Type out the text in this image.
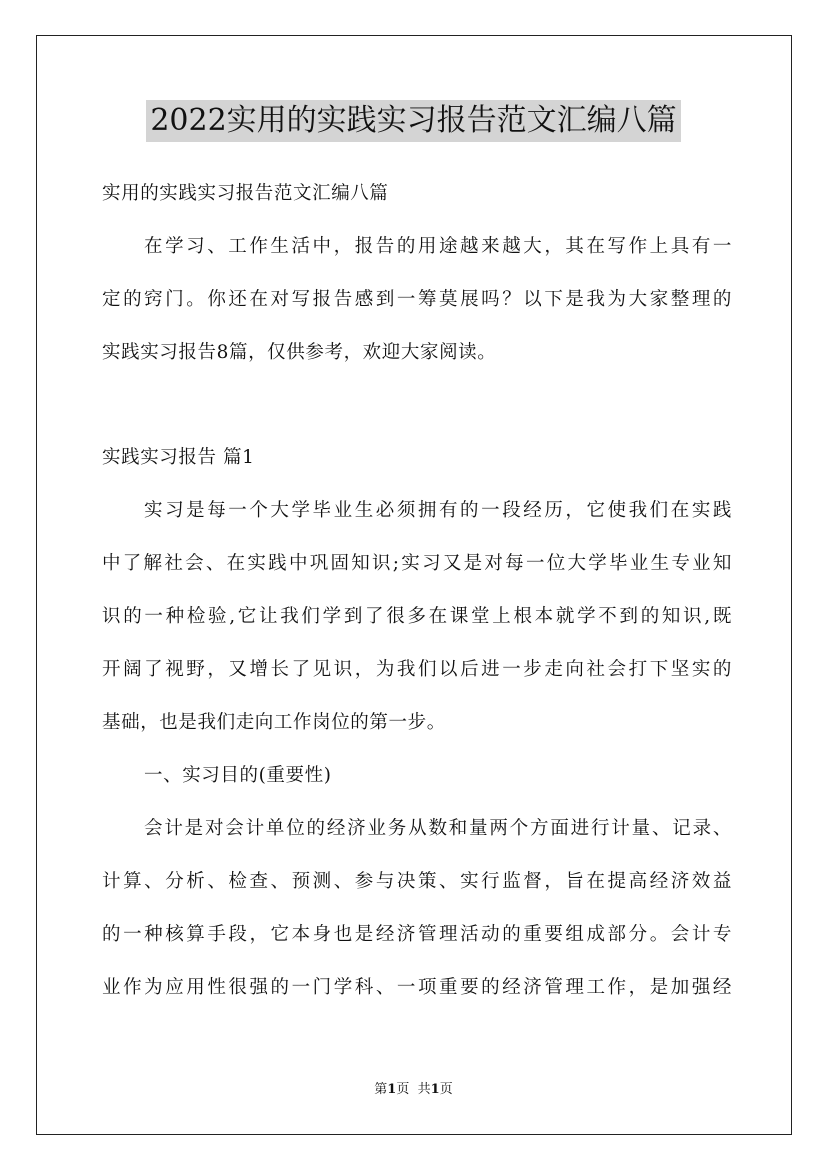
2022实用的实践实习报告范文汇编八篇
实用的实践实习报告范文汇编八篇
在学习、工作生活中，报告的用途越来越大，其在写作上具有一
定的窍门。你还在对写报告感到一筹莫展吗？以下是我为大家整理的
实践实习报告8篇，仅供参考，欢迎大家阅读。
实践实习报告 篇1
实习是每一个大学毕业生必须拥有的一段经历，它使我们在实践
中了解社会、在实践中巩固知识;实习又是对每一位大学毕业生专业知
识的一种检验,它让我们学到了很多在课堂上根本就学不到的知识,既
开阔了视野，又增长了见识，为我们以后进一步走向社会打下坚实的
基础，也是我们走向工作岗位的第一步。
一、实习目的(重要性)
会计是对会计单位的经济业务从数和量两个方面进行计量、记录、
计算、分析、检查、预测、参与决策、实行监督，旨在提高经济效益
的一种核算手段，它本身也是经济管理活动的重要组成部分。会计专
业作为应用性很强的一门学科、一项重要的经济管理工作，是加强经
第1页 共1页
